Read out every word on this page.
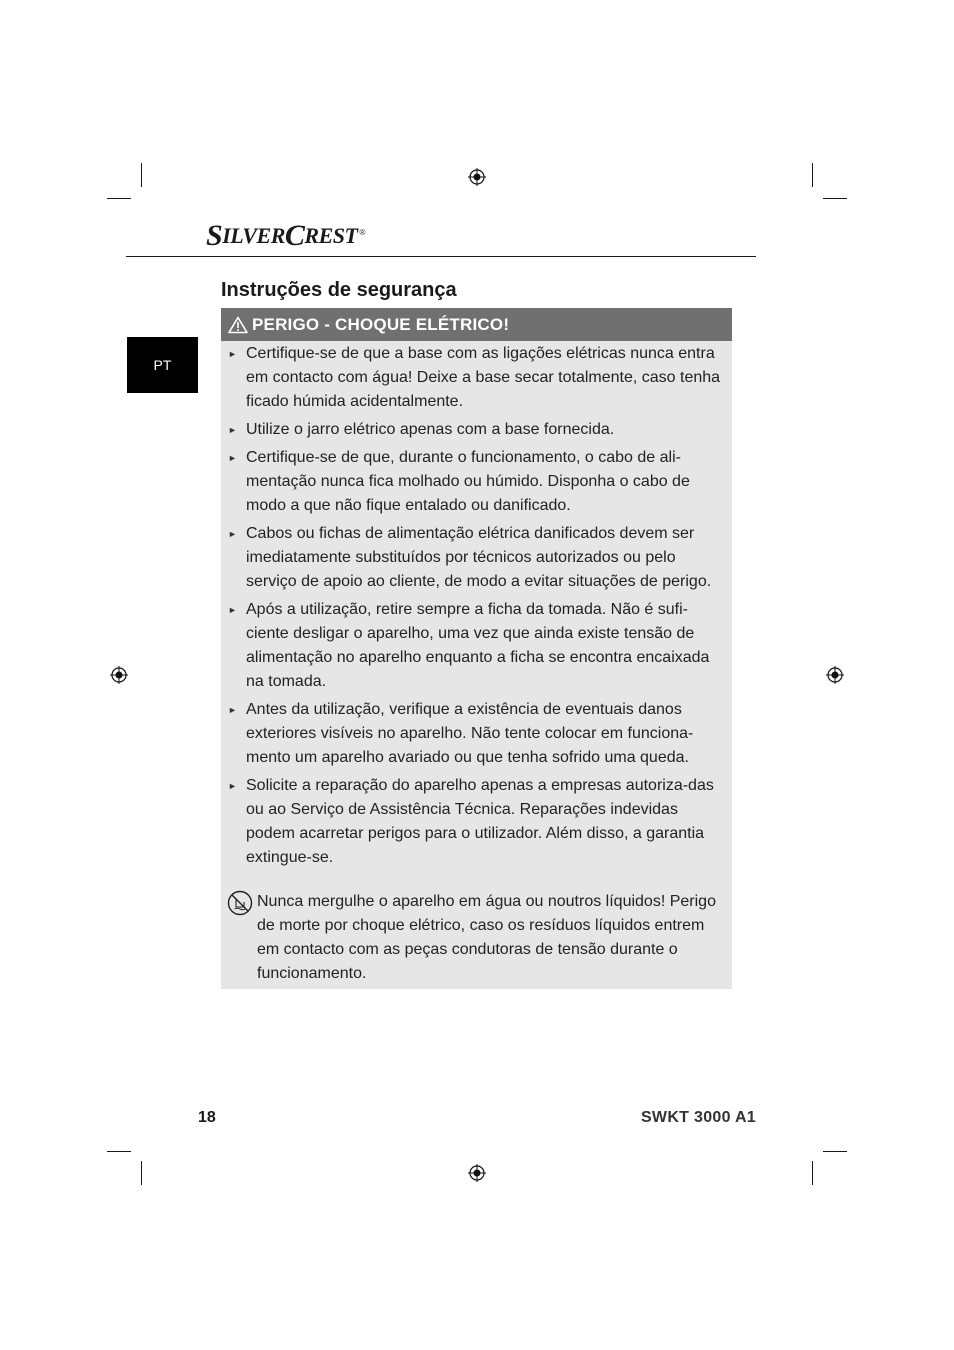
S ILVER C REST ®
PT
Instruções de segurança
PERIGO - CHOQUE ELÉTRICO!
► Certifique-se de que a base com as ligações elétricas nunca entra em contacto com água! Deixe a base secar totalmente, caso tenha ficado húmida acidentalmente.
► Utilize o jarro elétrico apenas com a base fornecida.
► Certifique-se de que, durante o funcionamento, o cabo de ali-mentação nunca fica molhado ou húmido. Disponha o cabo de modo a que não fique entalado ou danificado.
► Cabos ou fichas de alimentação elétrica danificados devem ser imediatamente substituídos por técnicos autorizados ou pelo serviço de apoio ao cliente, de modo a evitar situações de perigo.
► Após a utilização, retire sempre a ficha da tomada. Não é sufi-ciente desligar o aparelho, uma vez que ainda existe tensão de alimentação no aparelho enquanto a ficha se encontra encaixada na tomada.
► Antes da utilização, verifique a existência de eventuais danos exteriores visíveis no aparelho. Não tente colocar em funciona-mento um aparelho avariado ou que tenha sofrido uma queda.
► Solicite a reparação do aparelho apenas a empresas autoriza-das ou ao Serviço de Assistência Técnica. Reparações indevidas podem acarretar perigos para o utilizador. Além disso, a garantia extingue-se.
Nunca mergulhe o aparelho em água ou noutros líquidos! Perigo de morte por choque elétrico, caso os resíduos líquidos entrem em contacto com as peças condutoras de tensão durante o funcionamento.
18	SWKT 3000 A1
